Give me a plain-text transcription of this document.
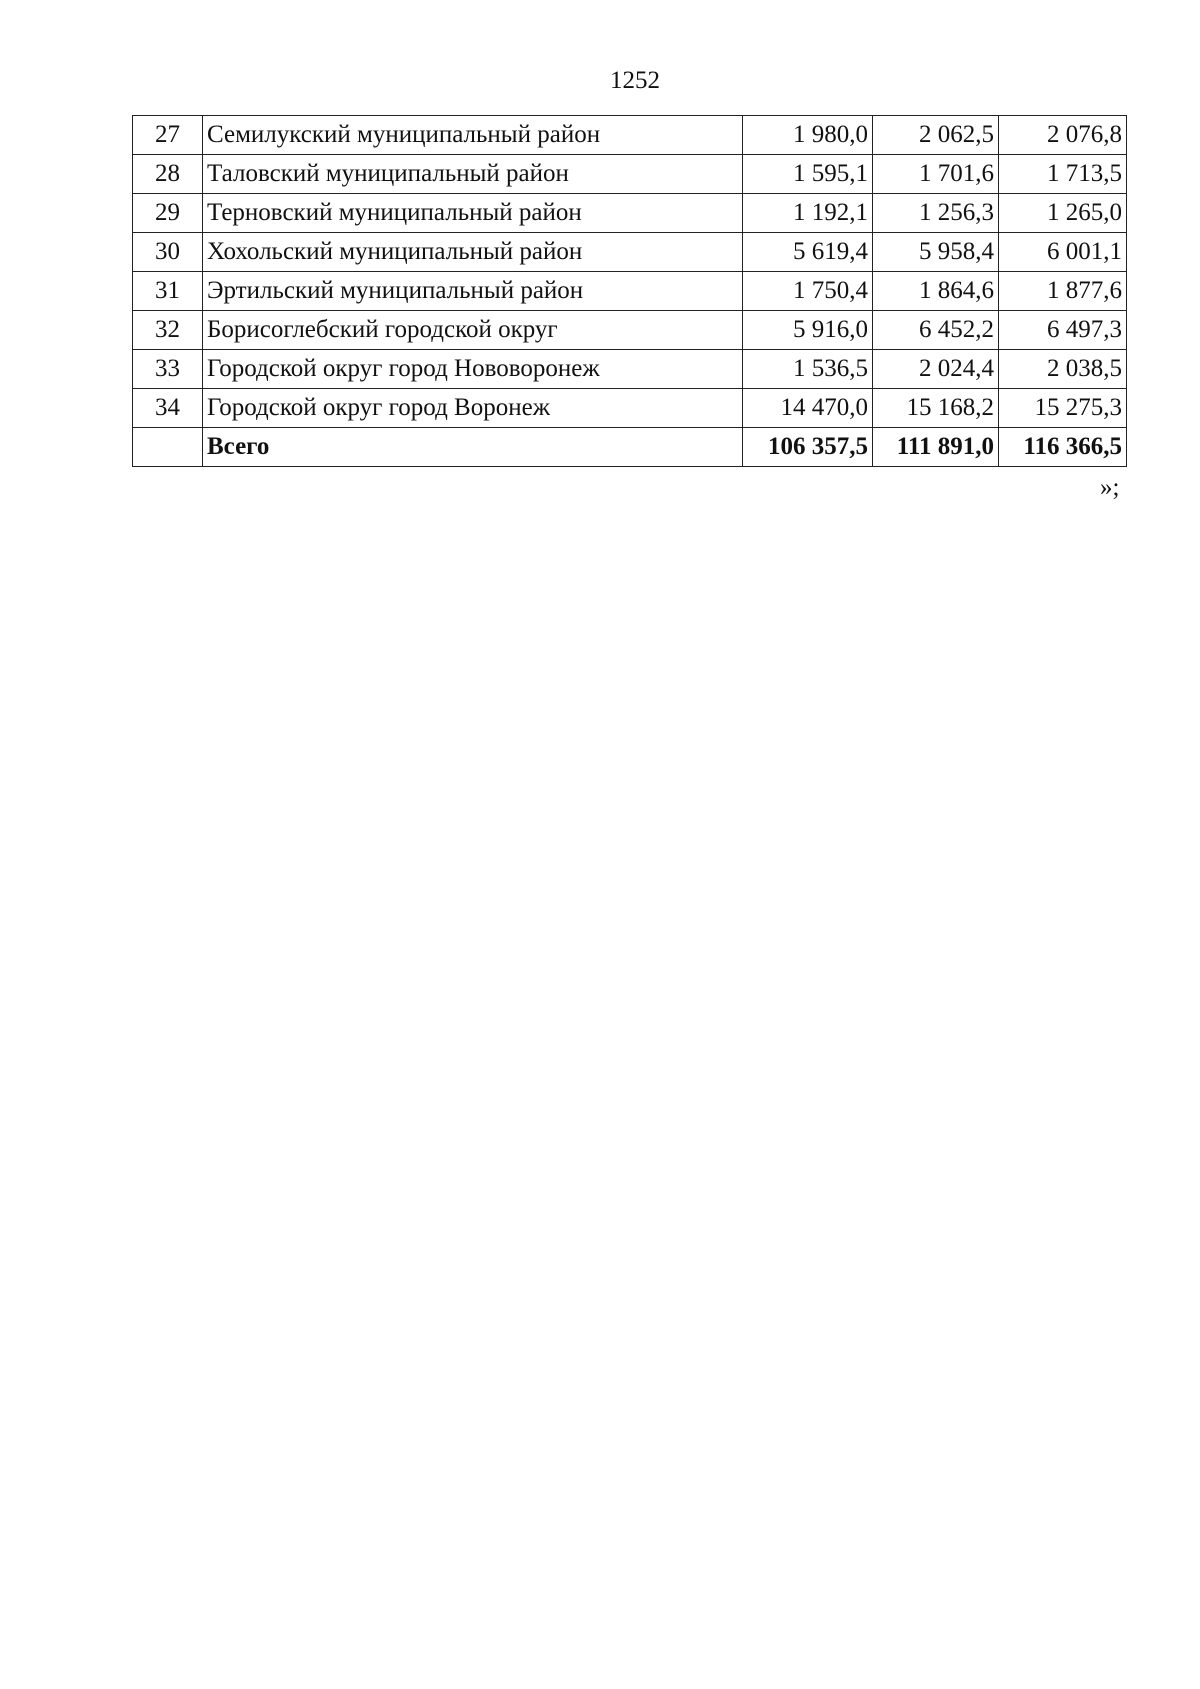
1252
27	Семилукский муниципальный район	1 980,0	2 062,5	2 076,8
28	Таловский муниципальный район	1 595,1	1 701,6	1 713,5
29	Терновский муниципальный район	1 192,1	1 256,3	1 265,0
30	Хохольский муниципальный район	5 619,4	5 958,4	6 001,1
31	Эртильский муниципальный район	1 750,4	1 864,6	1 877,6
32	Борисоглебский городской округ	5 916,0	6 452,2	6 497,3
33	Городской округ город Нововоронеж	1 536,5	2 024,4	2 038,5
34	Городской округ город Воронеж	14 470,0	15 168,2	15 275,3
	Всего	106 357,5	111 891,0	116 366,5
»;
